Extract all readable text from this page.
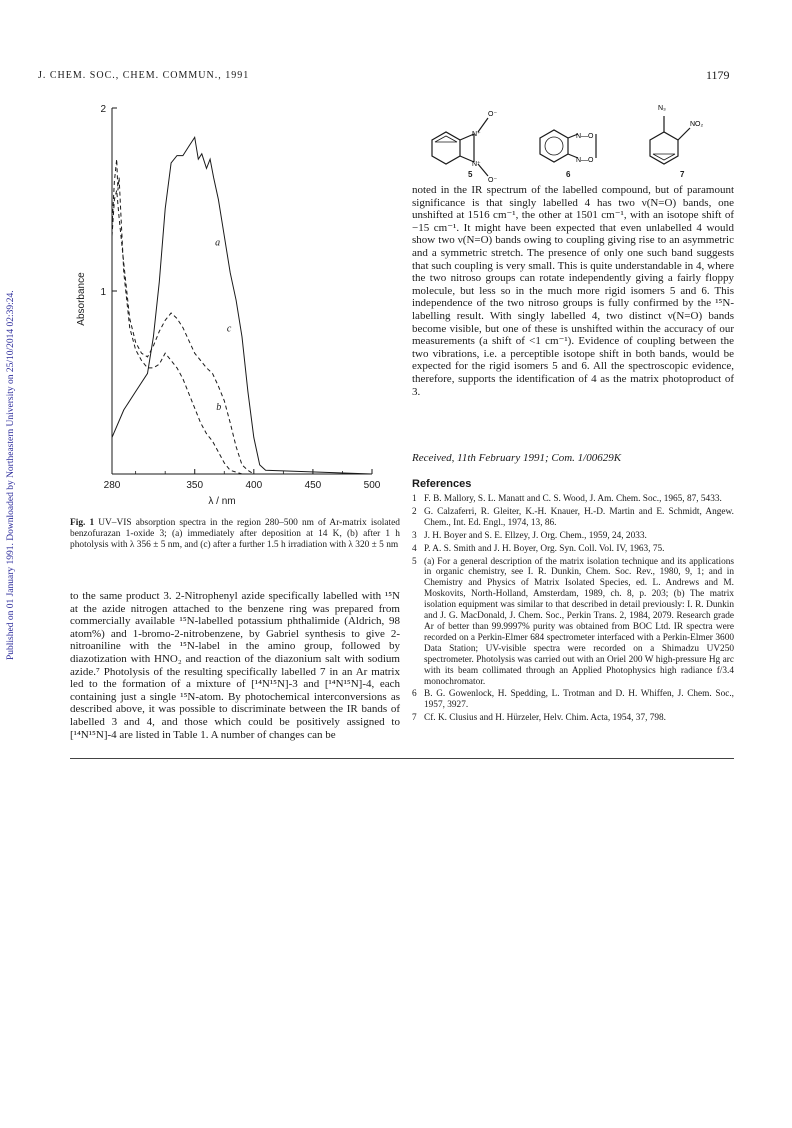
J. CHEM. SOC., CHEM. COMMUN., 1991	1179
Published on 01 January 1991. Downloaded by Northeastern University on 25/10/2014 02:39:24.	280	350	400	450	500
2
1
λ / nm
Absorbance
a
b
c
N⁺
N⁺
O⁻
O⁻
N—O
N—O
N₃
NO₂
5	6	7
Fig. 1 UV–VIS absorption spectra in the region 280–500 nm of Ar-matrix isolated benzofurazan 1-oxide 3; (a) immediately after deposition at 14 K, (b) after 1 h photolysis with λ 356 ± 5 nm, and (c) after a further 1.5 h irradiation with λ 320 ± 5 nm

to the same product 3. 2-Nitrophenyl azide specifically labelled with ¹⁵N at the azide nitrogen attached to the benzene ring was prepared from commercially available ¹⁵N-labelled potassium phthalimide (Aldrich, 98 atom%) and 1-bromo-2-nitrobenzene, by Gabriel synthesis to give 2-nitroaniline with the ¹⁵N-label in the amino group, followed by diazotization with HNO₂ and reaction of the diazonium salt with sodium azide.⁷ Photolysis of the resulting specifically labelled 7 in an Ar matrix led to the formation of a mixture of [¹⁴N¹⁵N]-3 and [¹⁴N¹⁵N]-4, each containing just a single ¹⁵N-atom. By photochemical interconversions as described above, it was possible to discriminate between the IR bands of labelled 3 and 4, and those which could be positively assigned to [¹⁴N¹⁵N]-4 are listed in Table 1. A number of changes can be

noted in the IR spectrum of the labelled compound, but of paramount significance is that singly labelled 4 has two ν(N=O) bands, one unshifted at 1516 cm⁻¹, the other at 1501 cm⁻¹, with an isotope shift of −15 cm⁻¹. It might have been expected that even unlabelled 4 would show two ν(N=O) bands owing to coupling giving rise to an asymmetric and a symmetric stretch. The presence of only one such band suggests that such coupling is very small. This is quite understandable in 4, where the two nitroso groups can rotate independently giving a fairly floppy molecule, but less so in the much more rigid isomers 5 and 6. This independence of the two nitroso groups is fully confirmed by the ¹⁵N-labelling result. With singly labelled 4, two distinct ν(N=O) bands become visible, but one of these is unshifted within the accuracy of our measurements (a shift of <1 cm⁻¹). Evidence of coupling between the two vibrations, i.e. a perceptible isotope shift in both bands, would be expected for the rigid isomers 5 and 6. All the spectroscopic evidence, therefore, supports the identification of 4 as the matrix photoproduct of 3.

Received, 11th February 1991; Com. 1/00629K
References
1 F. B. Mallory, S. L. Manatt and C. S. Wood, J. Am. Chem. Soc., 1965, 87, 5433.
2 G. Calzaferri, R. Gleiter, K.-H. Knauer, H.-D. Martin and E. Schmidt, Angew. Chem., Int. Ed. Engl., 1974, 13, 86.
3 J. H. Boyer and S. E. Ellzey, J. Org. Chem., 1959, 24, 2033.
4 P. A. S. Smith and J. H. Boyer, Org. Syn. Coll. Vol. IV, 1963, 75.
5 (a) For a general description of the matrix isolation technique and its applications in organic chemistry, see I. R. Dunkin, Chem. Soc. Rev., 1980, 9, 1; and in Chemistry and Physics of Matrix Isolated Species, ed. L. Andrews and M. Moskovits, North-Holland, Amsterdam, 1989, ch. 8, p. 203; (b) The matrix isolation equipment was similar to that described in detail previously: I. R. Dunkin and J. G. MacDonald, J. Chem. Soc., Perkin Trans. 2, 1984, 2079. Research grade Ar of better than 99.9997% purity was obtained from BOC Ltd. IR spectra were recorded on a Perkin-Elmer 684 spectrometer interfaced with a Perkin-Elmer 3600 Data Station; UV-visible spectra were recorded on a Shimadzu UV250 spectrometer. Photolysis was carried out with an Oriel 200 W high-pressure Hg arc with its beam collimated through an Applied Photophysics high radiance f/3.4 monochromator.
6 B. G. Gowenlock, H. Spedding, L. Trotman and D. H. Whiffen, J. Chem. Soc., 1957, 3927.
7 Cf. K. Clusius and H. Hürzeler, Helv. Chim. Acta, 1954, 37, 798.
